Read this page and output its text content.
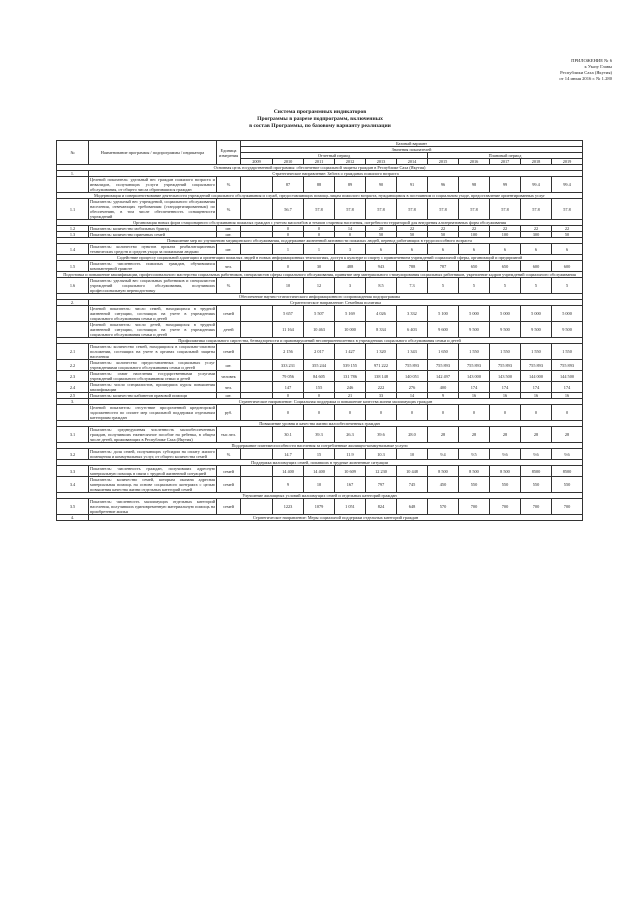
ПРИЛОЖЕНИЕ № 6
к Указу Главы
Республики Саха (Якутия)
от 14 июня 2016 г. № 1.280
Система программных индикаторов
Программы в разрезе подпрограмм, включенных
в состав Программы, по базовому варианту реализации
№	Наименование программы / подпрограммы / индикатора	Единица измерения	Базовый вариант										
			Значения показателей										
			Отчетный период						Плановый период				
			2009	2010	2011	2012	2013	2014	2015	2016	2017	2018	2019
Основная цель государственной программы: обеспечение социальной защиты граждан в Республике Саха (Якутия)													
1.	Стратегическое направление: Забота о гражданах пожилого возраста												
	Целевой показатель: удельный вес граждан пожилого возраста и инвалидов, получающих услуги учреждений социального обслуживания, от общего числа обратившихся граждан	%		87	88	89	90	91	96	98	99	99.4	99.4
Модернизация и совершенствование деятельности учреждений социального обслуживания и служб, предоставляющих помощь лицам пожилого возраста, нуждающимся в постоянном и социальном уходе, предоставление ориентированных услуг													
1.1	Показатель: удельный вес учреждений, социального обслуживания населения, отвечающих требованиям (стандартизированным) по обеспечению, в том числе обеспеченность оснащенности учреждений	%		56.7	57.8	57.8	57.8	57.8	57.8	57.8	57.8	57.8	57.8
Организация новых форм стационарного обслуживания пожилых граждан с учетом масштабов и темпов старения населения, потребности территорий для внедрения альтернативных форм обслуживания													
1.2	Показатель: количество мобильных бригад	шт.		0	0	14	20	22	22	22	22	22	22
1.3	Показатель: количество приемных семей	шт.		0	0	0	50	50	50	100	100	300	50
Повышение мер по улучшению медицинского обслуживания, поддержание жизненной активности пожилых людей, перевод работающих в трудоспособного возраста													
1.4	Показатель: количество пунктов проката реабилитационных технических средств и средств ухода за пожилыми людьми	шт.		1	1	3	6	6	6	6	6	6	6
Содействие процессу социальной адаптации и ориентации пожилых людей в новых информационных технологиях, доступ к культуре и спорту с привлечением учреждений социальной сферы, организаций и предприятий													
1.5	Показатель: численность пожилых граждан, обучившихся компьютерной грамоте	чел.		0	30	488	943	788	787	650	650	600	600
Подготовка и повышение квалификации, профессионального мастерства социальных работников, специалистов сферы социального обслуживания, принятие мер материального стимулирования социальных работников, укрепление кадров учреждений социального обслуживания													
1.6	Показатель: удельный вес социальных работников и специалистов учреждений социального обслуживания, получивших профессиональную переподготовку	%		10	12	3	8.5	7.3	5	5	5	5	5
Обеспечение научно-статистического информационного сопровождения подпрограммы													
2.	Стратегическое направление: Семейная политика												
	Целевой показатель: число семей, находящихся в трудной жизненной ситуации, состоящих на учете в учреждениях социального обслуживания семьи и детей	семей		5 657	5 507	5 169	4 026	3 332	5 100	5 000	5 000	5 000	5 000
	Целевой показатель: число детей, находящихся в трудной жизненной ситуации, состоящих на учете в учреждениях социального обслуживания семьи и детей	детей		11 164	10 463	10 000	8 334	6 403	9 600	9 500	9 500	9 500	9 500
Профилактика социального сиротства, безнадзорности и правонарушений несовершеннолетних в учреждениях социального обслуживания семьи и детей													
2.1	Показатель: количество семей, находящихся в социально-опасном положении, состоящих на учете в органах социальной защиты населения	семей		2 156	2 017	1 427	1 320	1 343	1 650	1 550	1 550	1 550	1 550
2.2	Показатель: количество предоставленных социальных услуг учреждениями социального обслуживания семьи и детей	шт.		333 231	355 244	539 155	971 222	755 893	755 893	755 893	755 893	755 893	755 893
2.3	Показатель: охват населения государственными услугами учреждений социального обслуживания семьи и детей	человек		79 056	84 605	131 786	138 148	140 051	142 497	143 000	143 500	144 000	144 500
2.4	Показатель: число специалистов, прошедших курсы повышения квалификации	чел.		147	155	246	222	276	400	174	174	174	174
2.5	Показатель: количество кабинетов правовой помощи	шт.		0	0	21	33	14	9	16	16	16	16
3.	Стратегическое направление: Социальная поддержка и повышение качества жизни малоимущих граждан												
	Целевой показатель: отсутствие просроченной кредиторской задолженности по оплате мер социальной поддержки отдельным категориям граждан	руб.		0	0	0	0	0	0	0	0	0	0
Повышение уровня и качества жизни малообеспеченных граждан													
3.1	Показатель: среднедушевая численность малообеспеченных граждан, получивших ежемесячное пособие на ребенка, в общем числе детей, проживающих в Республике Саха (Якутия)	тыс.чел.		30.1	39.3	26.3	39.6	28.0	28	28	28	28	28
Поддержание платежеспособности населения за потребленные жилищно-коммунальные услуги													
3.2	Показатель: доля семей, получающих субсидии на оплату жилого помещения и коммунальных услуг, от общего количества семей	%		14.7	15	11.9	10.3	10	9.4	9.5	9.6	9.6	9.6
Поддержка малоимущих семей, попавших в трудные жизненные ситуации													
3.3	Показатель: численность граждан, получивших адресную материальную помощь в связи с трудной жизненной ситуацией	семей		14 400	14 400	10 609	12 230	10 448	8 500	8 500	8 500	8500	8500
3.4	Показатель: количество семей, которым оказана адресная материальная помощь на основе социального контракта с целью повышения качества жизни отдельных категорий семей	семей		9	10	167	797	745	450	550	550	550	550
Улучшение жилищных условий малоимущих семей и отдельных категорий граждан													
3.5	Показатель: численность малоимущих отдельных категорий населения, получивших единовременную материальную помощь на приобретение жилья	семей		1223	1079	1 051	824	648	570	700	700	700	700
4.	Стратегическое направление: Меры социальной поддержки отдельных категорий граждан												
